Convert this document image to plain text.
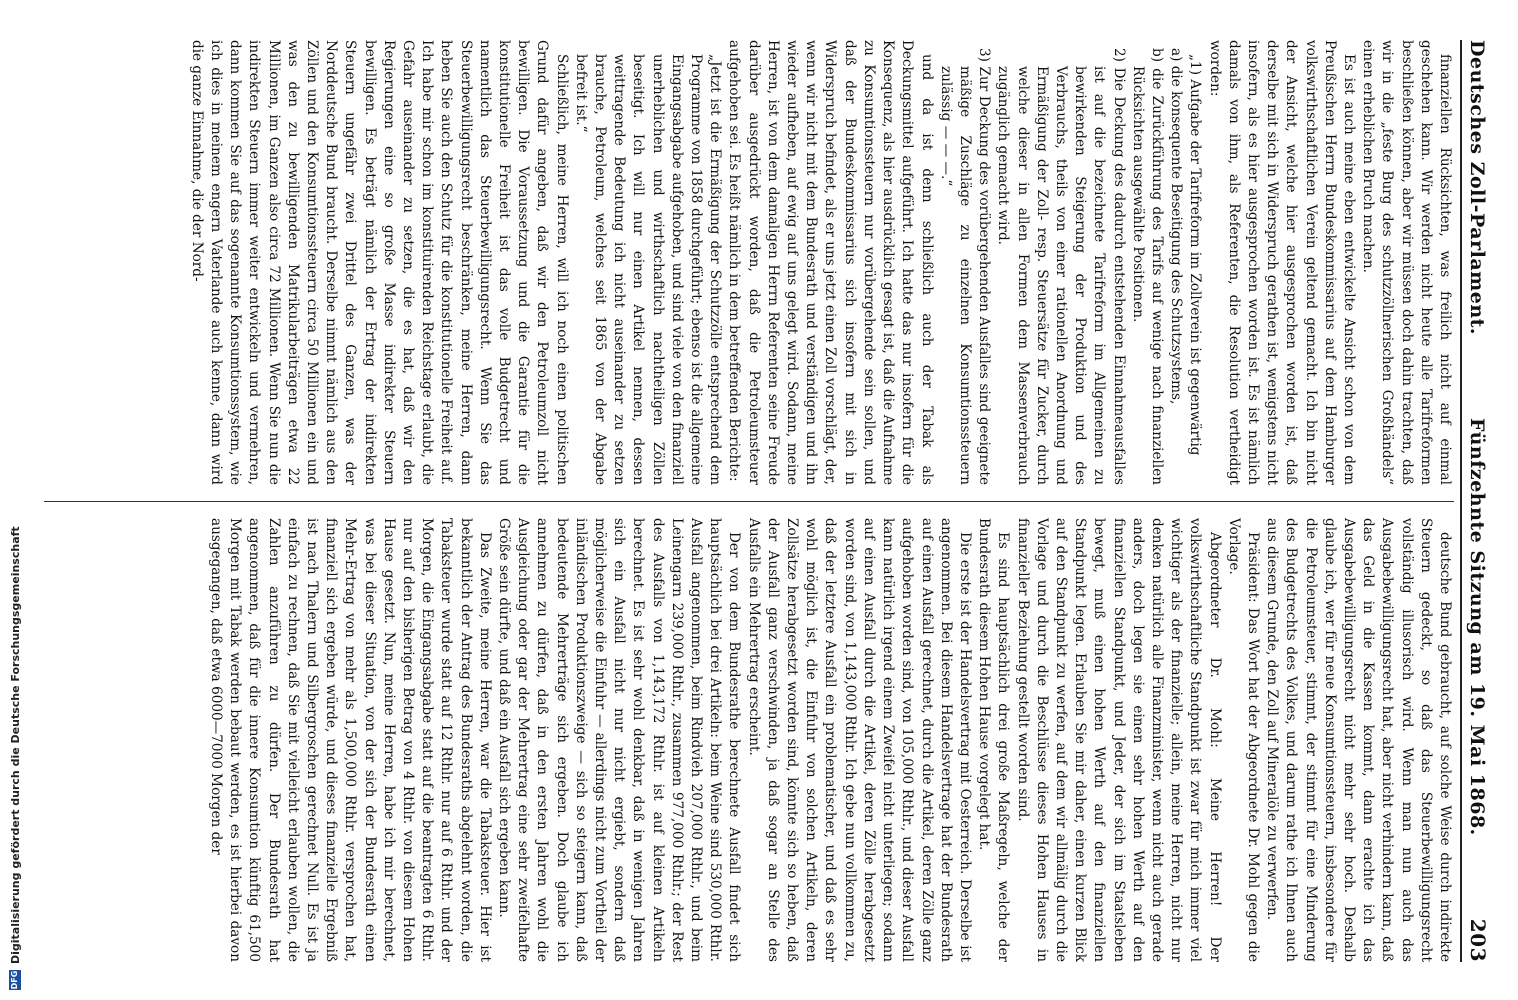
Deutsches Zoll-Parlament.
Fünfzehnte Sitzung am 19. Mai 1868.
203

finanziellen Rücksichten, was freilich nicht auf einmal geschehen kann. Wir werden nicht heute alle Tarifreformen beschließen können, aber wir müssen doch dahin trachten, daß wir in die „feste Burg des schutzzöllnerischen Großhändels“ einen erheblichen Bruch machen.

Es ist auch meine eben entwickelte Ansicht schon von dem Preußischen Herrn Bundeskommissarius auf dem Hamburger volkswirthschaftlichen Verein geltend gemacht. Ich bin nicht der Ansicht, welche hier ausgesprochen worden ist, daß derselbe mit sich in Widerspruch gerathen ist, wenigstens nicht insofern, als es hier ausgesprochen worden ist. Es ist nämlich damals von ihm, als Referenten, die Resolution vertheidigt worden:

„1) Aufgabe der Tarifreform im Zollverein ist gegenwärtig

a) die konsequente Beseitigung des Schutzsystems,

b) die Zurückführung des Tarifs auf wenige nach finanziellen Rücksichten ausgewählte Positionen.

2) Die Deckung des dadurch entstehenden Einnahmeausfalles ist auf die bezeichnete Tarifreform im Allgemeinen zu bewirkenden Steigerung der Produktion und des Verbrauchs, theils von einer rationellen Anordnung und Ermäßigung der Zoll- resp. Steuersätze für Zucker, durch welche dieser in allen Formen dem Massenverbrauch zugänglich gemacht wird.

3) Zur Deckung des vorübergehenden Ausfalles sind geeignete mäßige Zuschläge zu einzelnen Konsumtionssteuern zulässig — — —.“

und da ist denn schließlich auch der Tabak als Deckungsmittel aufgeführt. Ich hatte das nur insofern für die Konsequenz, als hier ausdrücklich gesagt ist, daß die Aufnahme zu Konsumtionssteuern nur vorübergehende sein sollen, und daß der Bundeskommissarius sich insofern mit sich in Widerspruch befindet, als er uns jetzt einen Zoll vorschlägt, der, wenn wir nicht mit dem Bundesrath und verständigen und ihn wieder aufheben, auf ewig auf uns gelegt wird. Sodann, meine Herren, ist von dem damaligen Herrn Referenten seine Freude darüber ausgedrückt worden, daß die Petroleumsteuer aufgehoben sei. Es heißt nämlich in dem betreffenden Berichte:

„Jetzt ist die Ermäßigung der Schutzzölle entsprechend dem Programme von 1858 durchgeführt; ebenso ist die allgemeine Eingangsabgabe aufgehoben, und sind viele von den finanziell unerheblichen und wirthschaftlich nachtheiligen Zöllen beseitigt. Ich will nur einen Artikel nennen, dessen weittragende Bedeutung ich nicht auseinander zu setzen brauche, Petroleum, welches seit 1865 von der Abgabe befreit ist.“

Schließlich, meine Herren, will ich noch einen politischen Grund dafür angeben, daß wir den Petroleumzoll nicht bewilligen. Die Voraussetzung und die Garantie für die konstitutionelle Freiheit ist das volle Budgetrecht und namentlich das Steuerbewilligungsrecht. Wenn Sie das Steuerbewilligungsrecht beschränken, meine Herren, dann heben Sie auch den Schutz für die konstitutionelle Freiheit auf. Ich habe mir schon im konstituirenden Reichstage erlaubt, die Gefahr auseinander zu setzen, die es hat, daß wir den Regierungen eine so große Masse indirekter Steuern bewilligen. Es beträgt nämlich der Ertrag der indirekten Steuern ungefähr zwei Drittel des Ganzen, was der Norddeutsche Bund braucht. Derselbe nimmt nämlich aus den Zöllen und den Konsumtionssteuern circa 50 Millionen ein und was den zu bewilligenden Matrikularbeiträgen etwa 22 Millionen, im Ganzen also circa 72 Millionen. Wenn Sie nun die indirekten Steuern immer weiter entwickeln und vermehren, dann kommen Sie auf das sogenannte Konsumtionssystem, wie ich dies in meinem engern Vaterlande auch kenne, dann wird die ganze Einnahme, die der Nord-

deutsche Bund gebraucht, auf solche Weise durch indirekte Steuern gedeckt, so daß das Steuerbewilligungsrecht vollständig illusorisch wird. Wenn man nun auch das Ausgabebewilligungsrecht hat, aber nicht verhindern kann, daß das Geld in die Kassen kommt, dann erachte ich das Ausgabebewilligungsrecht nicht mehr sehr hoch. Deshalb glaube ich, wer für neue Konsumtionssteuern, insbesondere für die Petroleumsteuer, stimmt, der stimmt für eine Minderung des Budgetrechts des Volkes, und darum rathe ich Ihnen auch aus diesem Grunde, den Zoll auf Mineralöle zu verwerfen.

Präsident: Das Wort hat der Abgeordnete Dr. Mohl gegen die Vorlage.

Abgeordneter Dr. Mohl: Meine Herren! Der volkswirthschaftliche Standpunkt ist zwar für mich immer viel wichtiger als der finanzielle; allein, meine Herren, nicht nur denken natürlich alle Finanzminister, wenn nicht auch gerade anders, doch legen sie einen sehr hohen Werth auf den finanziellen Standpunkt, und Jeder, der sich im Staatsleben bewegt, muß einen hohen Werth auf den finanziellen Standpunkt legen. Erlauben Sie mir daher, einen kurzen Blick auf den Standpunkt zu werfen, auf dem wir allmälig durch die Vorlage und durch die Beschlüsse dieses Hohen Hauses in finanzieller Beziehung gestellt worden sind.

Es sind hauptsächlich drei große Maßregeln, welche der Bundesrath diesem Hohen Hause vorgelegt hat.

Die erste ist der Handelsvertrag mit Oesterreich. Derselbe ist angenommen. Bei diesem Handelsvertrage hat der Bundesrath auf einen Ausfall gerechnet, durch die Artikel, deren Zölle ganz aufgehoben worden sind, von 105,000 Rthlr., und dieser Ausfall kann natürlich irgend einem Zweifel nicht unterliegen; sodann auf einen Ausfall durch die Artikel, deren Zölle herabgesetzt worden sind, von 1,143,000 Rthlr. Ich gebe nun vollkommen zu, daß der letztere Ausfall ein problematischer, und daß es sehr wohl möglich ist, die Einfuhr von solchen Artikeln, deren Zollsätze herabgesetzt worden sind, könnte sich so heben, daß der Ausfall ganz verschwinden, ja daß sogar an Stelle des Ausfalls ein Mehrertrag erscheint.

Der von dem Bundesrathe berechnete Ausfall findet sich hauptsächlich bei drei Artikeln: beim Weine sind 530,000 Rthlr. Ausfall angenommen, beim Rindvieh 207,000 Rthlr., und beim Leinengarn 239,000 Rthlr., zusammen 977,000 Rthlr.; der Rest des Ausfalls von 1,143,172 Rthlr. ist auf kleinen Artikeln berechnet. Es ist sehr wohl denkbar, daß in wenigen Jahren sich ein Ausfall nicht nur nicht ergiebt, sondern daß möglicherweise die Einfuhr — allerdings nicht zum Vortheil der inländischen Produktionszweige — sich so steigern kann, daß bedeutende Mehrerträge sich ergeben. Doch glaube ich annehmen zu dürfen, daß in den ersten Jahren wohl die Ausgleichung oder gar der Mehrertrag eine sehr zweifelhafte Größe sein dürfte, und daß ein Ausfall sich ergeben kann.

Das Zweite, meine Herren, war die Tabaksteuer. Hier ist bekanntlich der Antrag des Bundesraths abgelehnt worden, die Tabaksteuer wurde statt auf 12 Rthlr. nur auf 6 Rthlr. und der Morgen, die Eingangsabgabe statt auf die beantragten 6 Rthlr. nur auf den bisherigen Betrag von 4 Rthlr. von diesem Hohen Hause gesetzt. Nun, meine Herren, habe ich mir berechnet, was bei dieser Situation, von der sich der Bundesrath einen Mehr-Ertrag von mehr als 1,500,000 Rthlr. versprochen hat, finanziell sich ergeben würde, und dieses finanzielle Ergebniß ist nach Thalern und Silbergroschen gerechnet Null. Es ist ja einfach zu rechnen, daß Sie mit vielleicht erlauben wollen, die Zahlen anzuführen zu dürfen. Der Bundesrath hat angenommen, daß für die innere Konsumtion künftig 61,500 Morgen mit Tabak werden bebaut werden, es ist hierbei davon ausgegangen, daß etwa 6000—7000 Morgen der

DFG
Digitalisierung gefördert durch die Deutsche Forschungsgemeinschaft
